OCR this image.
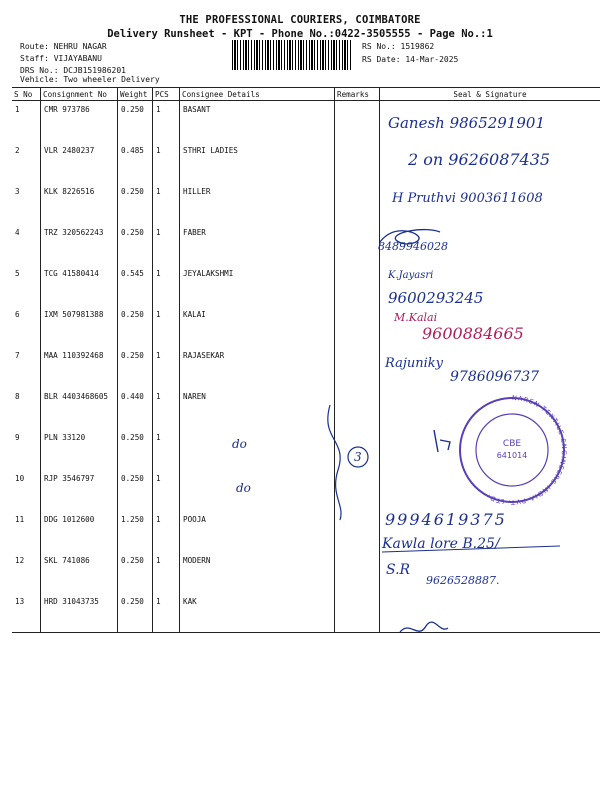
THE PROFESSIONAL COURIERS, COIMBATORE
Delivery Runsheet - KPT - Phone No.:0422-3505555 - Page No.:1
Route: NEHRU NAGAR
Staff: VIJAYABANU
DRS No.: DCJB151986201
Vehicle: Two wheeler Delivery
RS No.: 1519862
RS Date: 14-Mar-2025
S No	Consignment No	Weight	PCS	Consignee Details	Remarks	Seal & Signature
1	CMR 973786	0.250	1	BASANT		
2	VLR 2480237	0.485	1	STHRI LADIES		
3	KLK 8226516	0.250	1	HILLER		
4	TRZ 320562243	0.250	1	FABER		
5	TCG 41580414	0.545	1	JEYALAKSHMI		
6	IXM 507981388	0.250	1	KALAI		
7	MAA 110392468	0.250	1	RAJASEKAR		
8	BLR 4403468605	0.440	1	NAREN		
9	PLN 33120	0.250	1			
10	RJP 3546797	0.250	1			
11	DDG 1012600	1.250	1	POOJA		
12	SKL 741086	0.250	1	MODERN		
13	HRD 31043735	0.250	1	KAK		
Ganesh 9865291901
2 on 9626087435
H Pruthvi 9003611608
8489946028
K.Jayasri
9600293245
M.Kalai
9600884665
Rajuniky
9786096737
do
do
3
9994619375
Kawla lore B.25/
S.R
9626528887.
NAREN TEXTILE ENGINEERS INDIA PVT. LTD.
CBE
641014
